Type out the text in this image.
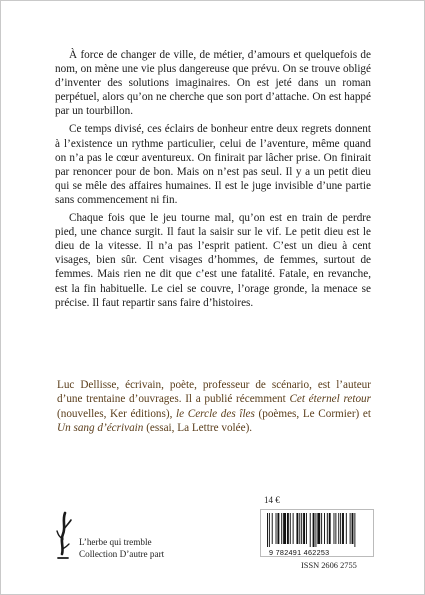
À force de changer de ville, de métier, d’amours et quelquefois de nom, on mène une vie plus dangereuse que prévu. On se trouve obligé d’inventer des solutions imaginaires. On est jeté dans un roman perpétuel, alors qu’on ne cherche que son port d’attache. On est happé par un tourbillon.

Ce temps divisé, ces éclairs de bonheur entre deux regrets donnent à l’existence un rythme particulier, celui de l’aventure, même quand on n’a pas le cœur aventureux. On finirait par lâcher prise. On finirait par renoncer pour de bon. Mais on n’est pas seul. Il y a un petit dieu qui se mêle des affaires humaines. Il est le juge invisible d’une partie sans commencement ni fin.

Chaque fois que le jeu tourne mal, qu’on est en train de perdre pied, une chance surgit. Il faut la saisir sur le vif. Le petit dieu est le dieu de la vitesse. Il n’a pas l’esprit patient. C’est un dieu à cent visages, bien sûr. Cent visages d’hommes, de femmes, surtout de femmes. Mais rien ne dit que c’est une fatalité. Fatale, en revanche, est la fin habituelle. Le ciel se couvre, l’orage gronde, la menace se précise. Il faut repartir sans faire d’histoires.

Luc Dellisse, écrivain, poète, professeur de scénario, est l’auteur d’une trentaine d’ouvrages. Il a publié récemment Cet éternel retour (nouvelles, Ker éditions), le Cercle des îles (poèmes, Le Cormier) et Un sang d’écrivain (essai, La Lettre volée).
14 €
9 782491 462253
ISSN 2606 2755
L’herbe qui tremble
Collection D’autre part
